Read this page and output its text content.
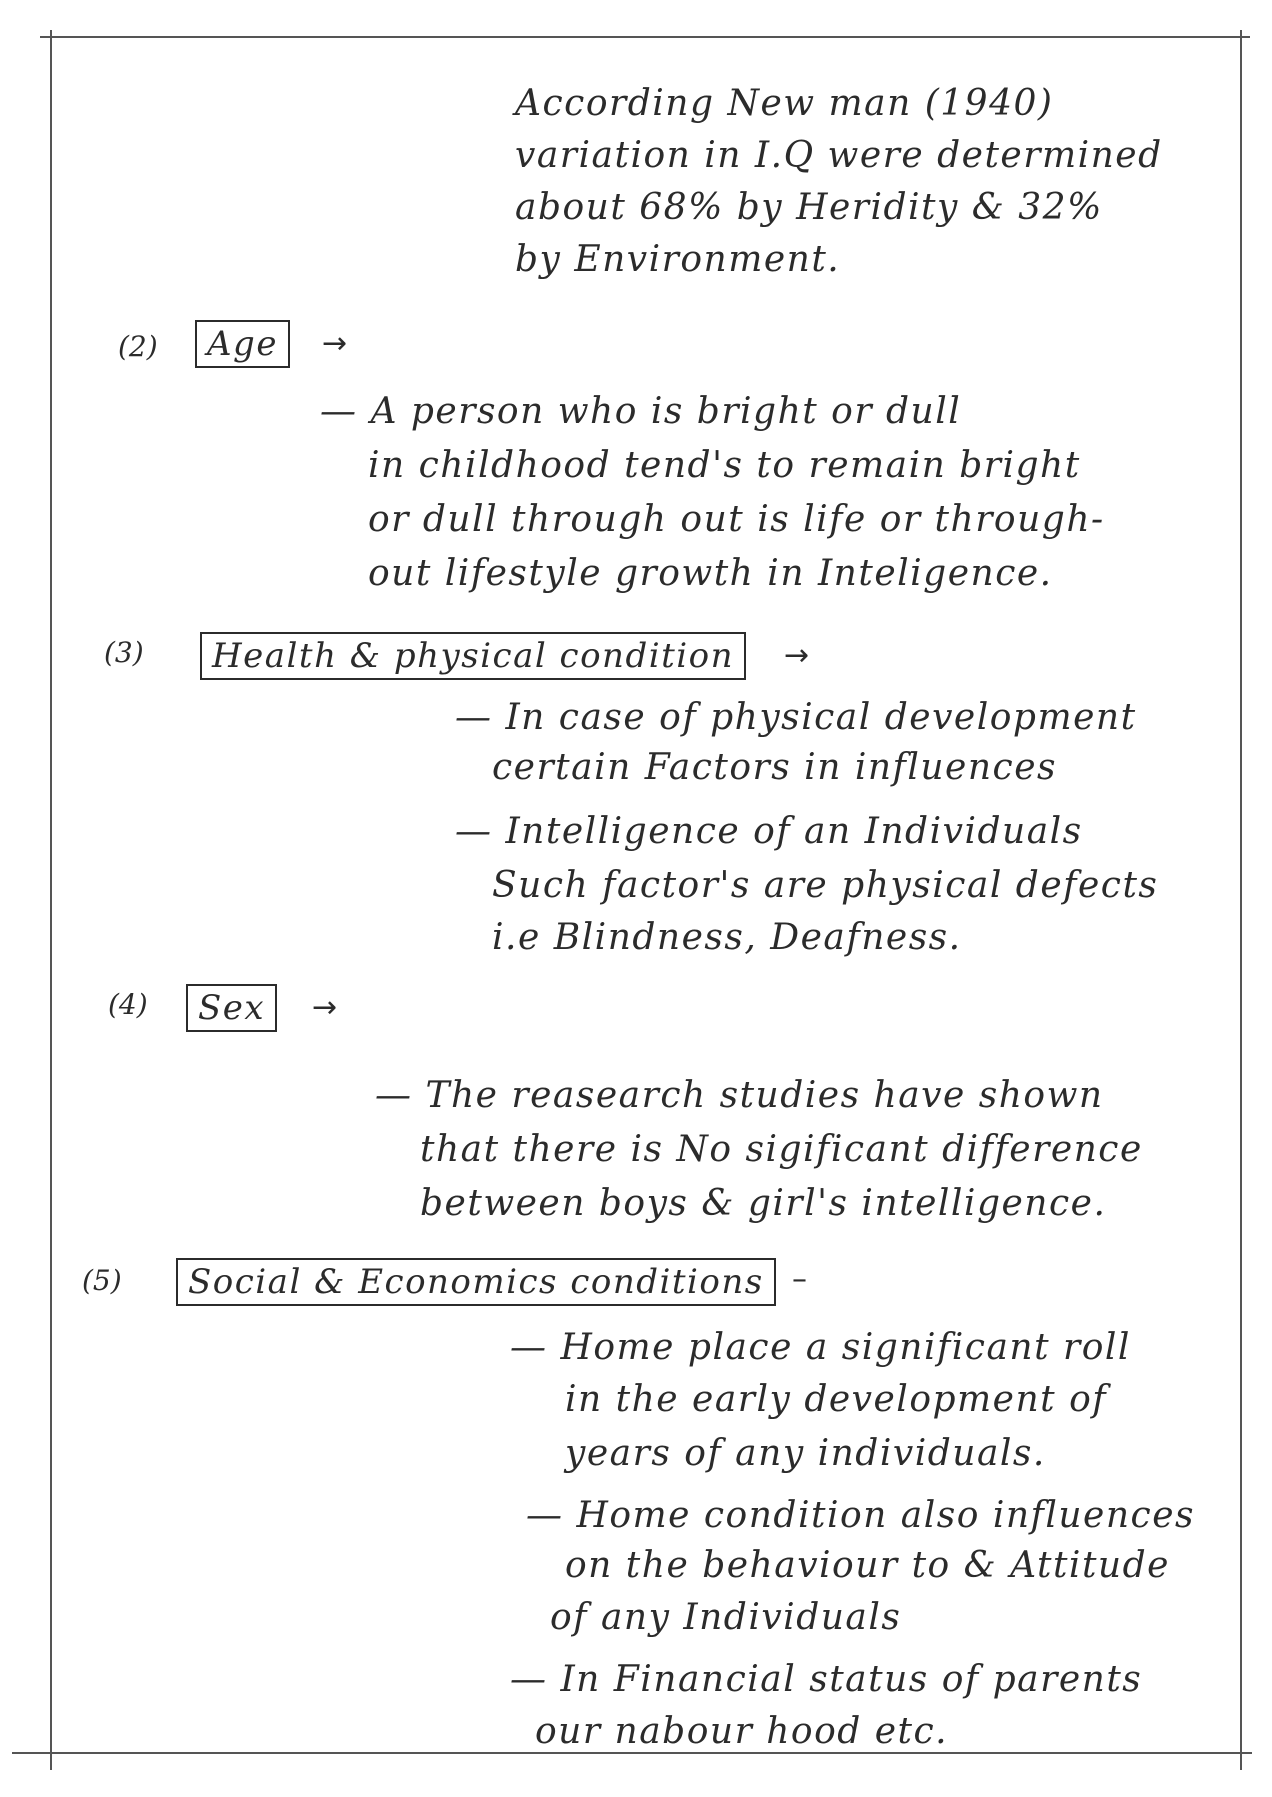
According New man (1940)
variation in I.Q were determined
about 68% by Heridity & 32%
by Environment.
(2)	Age	→
— A person who is bright or dull
in childhood tend's to remain bright
or dull through out is life or through-
out lifestyle growth in Inteligence.
(3)	Health & physical condition	→
— In case of physical development
certain Factors in influences
— Intelligence of an Individuals
Such factor's are physical defects
i.e Blindness, Deafness.
(4)	Sex	→
— The reasearch studies have shown
that there is No sigificant difference
between boys & girl's intelligence.
(5)	Social & Economics conditions –
— Home place a significant roll
in the early development of
years of any individuals.
— Home condition also influences
on the behaviour to & Attitude
of any Individuals
— In Financial status of parents
our nabour hood etc.
